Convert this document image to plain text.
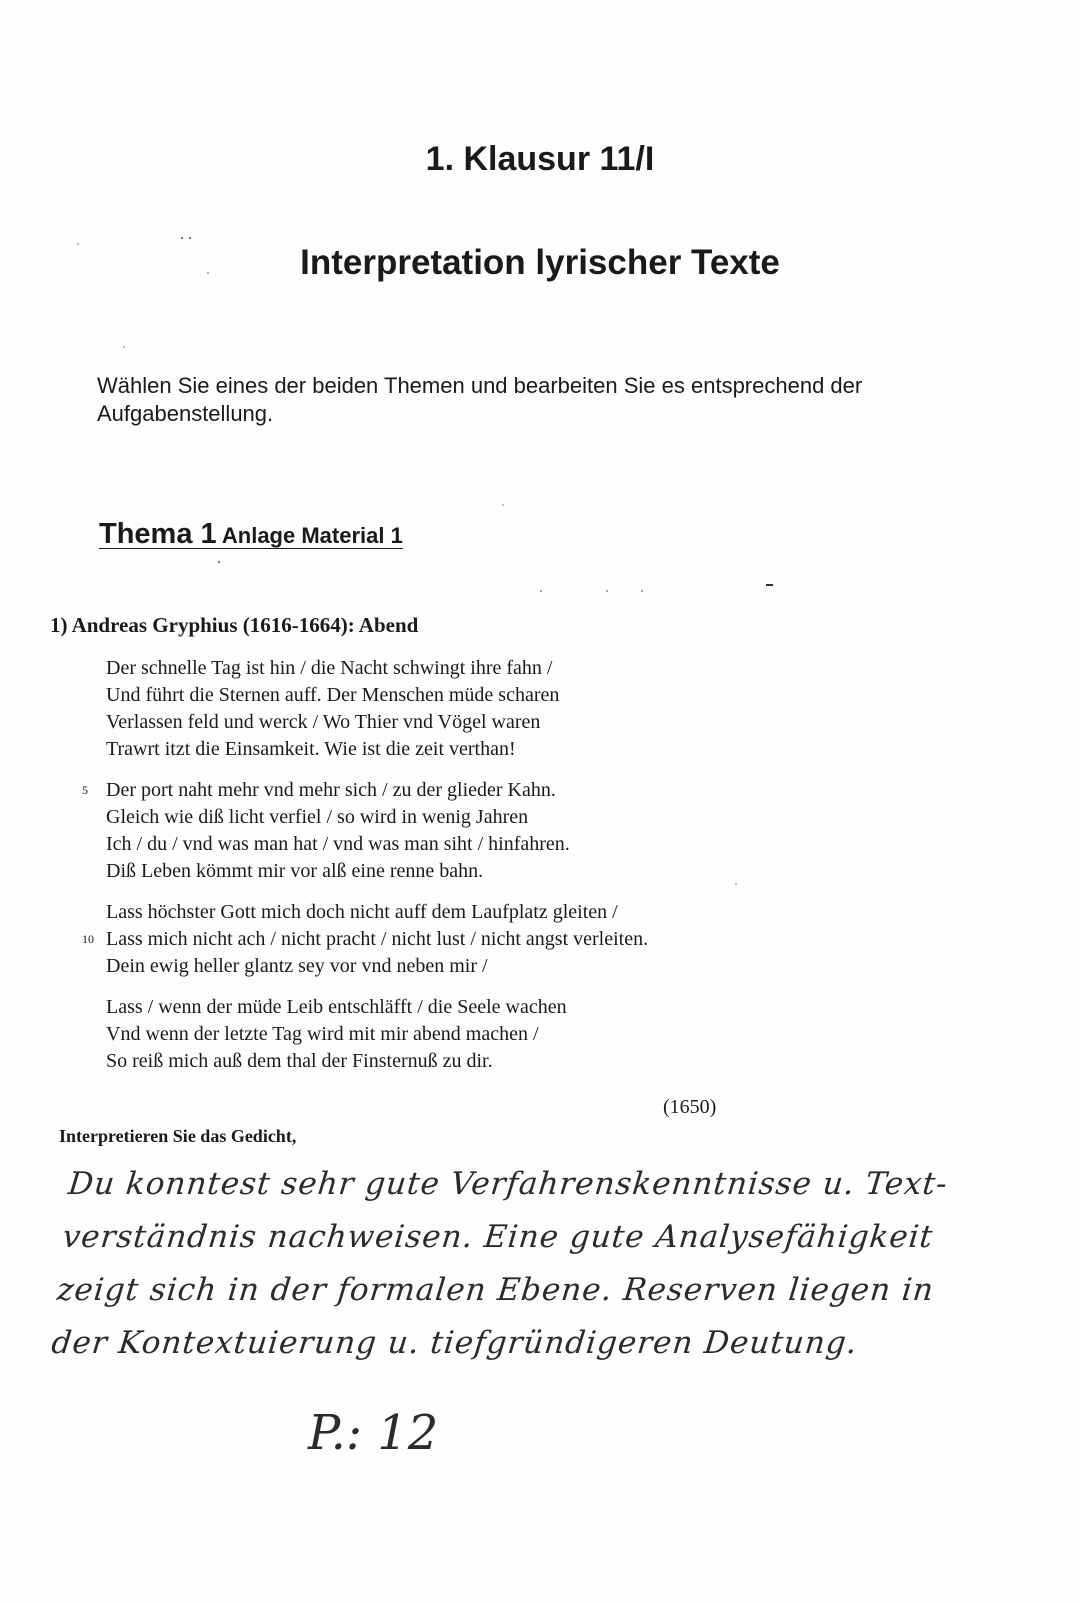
1. Klausur 11/I
Interpretation lyrischer Texte

Wählen Sie eines der beiden Themen und bearbeiten Sie es entsprechend der Aufgabenstellung.

Thema 1 Anlage Material 1
1) Andreas Gryphius (1616-1664): Abend
Der schnelle Tag ist hin / die Nacht schwingt ihre fahn /
Und führt die Sternen auff. Der Menschen müde scharen
Verlassen feld und werck / Wo Thier vnd Vögel waren
Trawrt itzt die Einsamkeit. Wie ist die zeit verthan!
5 Der port naht mehr vnd mehr sich / zu der glieder Kahn.
Gleich wie diß licht verfiel / so wird in wenig Jahren
Ich / du / vnd was man hat / vnd was man siht / hinfahren.
Diß Leben kömmt mir vor alß eine renne bahn.
Lass höchster Gott mich doch nicht auff dem Laufplatz gleiten /
10 Lass mich nicht ach / nicht pracht / nicht lust / nicht angst verleiten.
Dein ewig heller glantz sey vor vnd neben mir /
Lass / wenn der müde Leib entschläfft / die Seele wachen
Vnd wenn der letzte Tag wird mit mir abend machen /
So reiß mich auß dem thal der Finsternuß zu dir.

(1650)

Interpretieren Sie das Gedicht,

Du konntest sehr gute Verfahrenskenntnisse u. Text-
verständnis nachweisen. Eine gute Analysefähigkeit
zeigt sich in der formalen Ebene. Reserven liegen in
der Kontextuierung u. tiefgründigeren Deutung.

P.: 12
